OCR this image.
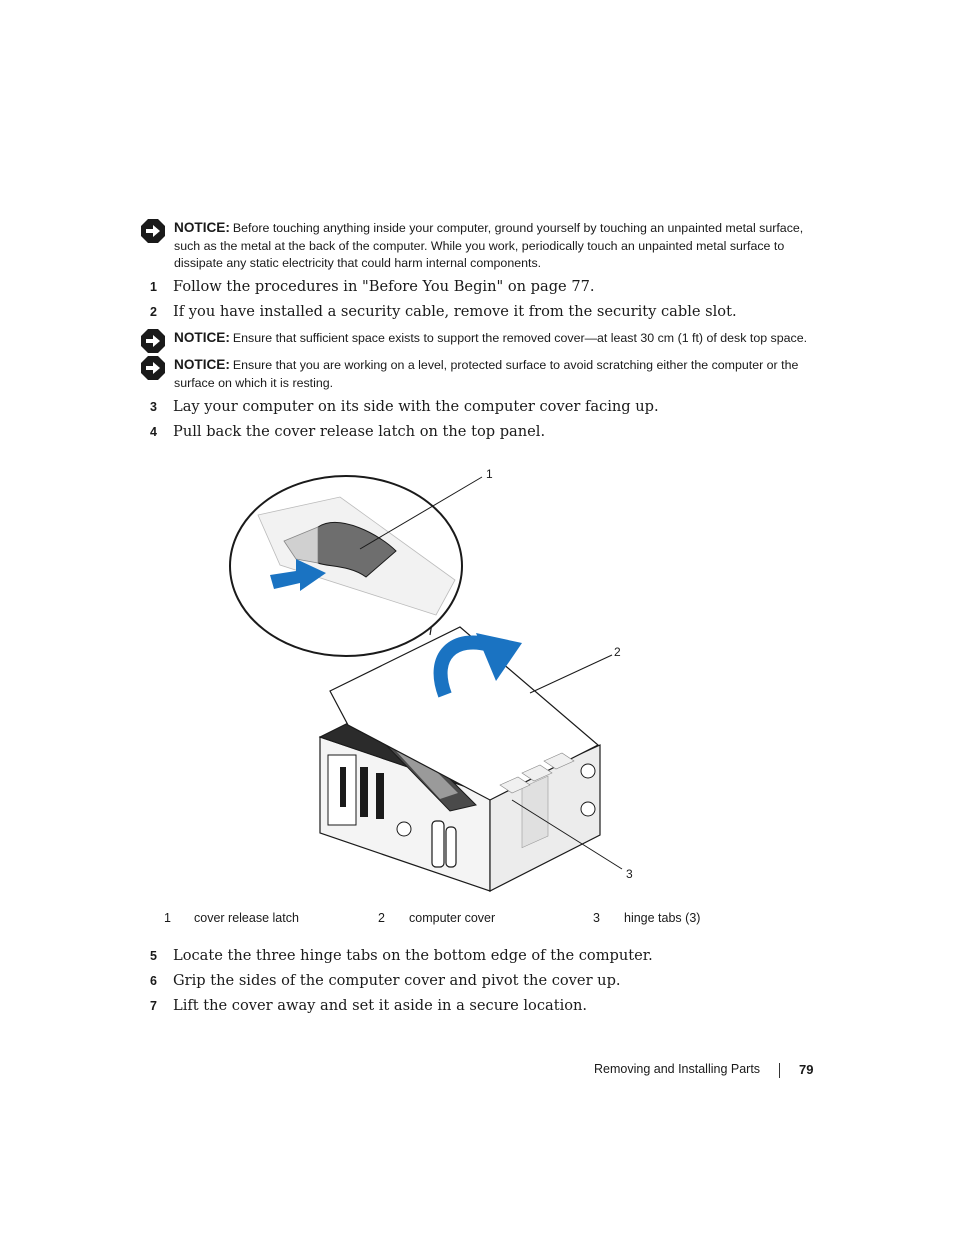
NOTICE: Before touching anything inside your computer, ground yourself by touching an unpainted metal surface, such as the metal at the back of the computer. While you work, periodically touch an unpainted metal surface to dissipate any static electricity that could harm internal components.
1 Follow the procedures in "Before You Begin" on page 77.
2 If you have installed a security cable, remove it from the security cable slot.
NOTICE: Ensure that sufficient space exists to support the removed cover—at least 30 cm (1 ft) of desk top space.
NOTICE: Ensure that you are working on a level, protected surface to avoid scratching either the computer or the surface on which it is resting.
3 Lay your computer on its side with the computer cover facing up.
4 Pull back the cover release latch on the top panel.
1
2
3
1 cover release latch	2 computer cover	3 hinge tabs (3)
5 Locate the three hinge tabs on the bottom edge of the computer.
6 Grip the sides of the computer cover and pivot the cover up.
7 Lift the cover away and set it aside in a secure location.
Removing and Installing Parts	79
